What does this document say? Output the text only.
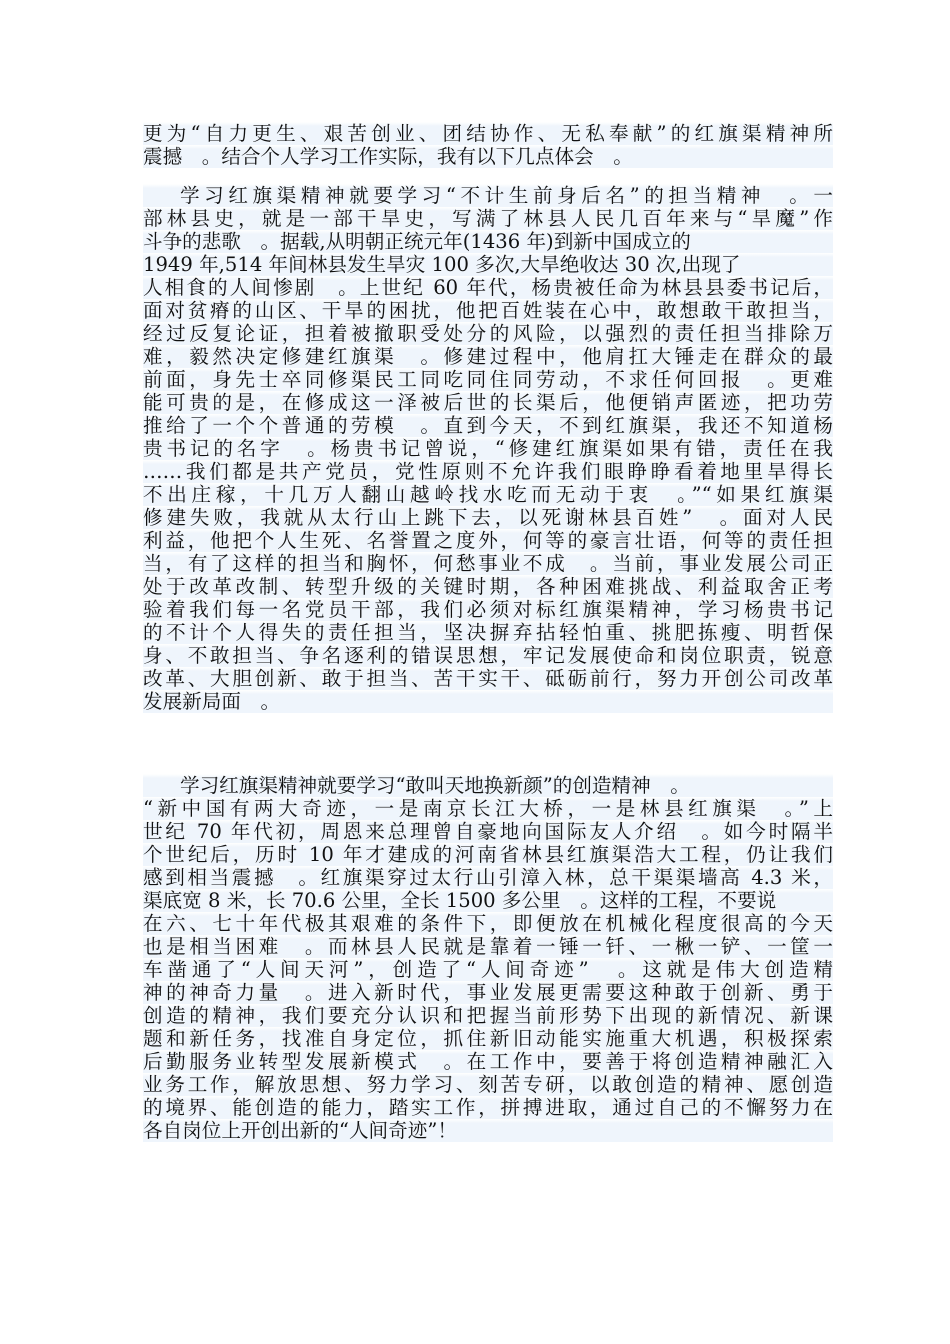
更为“自力更生、艰苦创业、团结协作、无私奉献”的红旗渠精神所
震撼　。结合个人学习工作实际，我有以下几点体会　。
学习红旗渠精神就要学习“不计生前身后名”的担当精神　。一
部林县史，就是一部干旱史，写满了林县人民几百年来与“旱魔”作
斗争的悲歌　。据载,从明朝正统元年(1436 年)到新中国成立的
1949 年,514 年间林县发生旱灾 100 多次,大旱绝收达 30 次,出现了
人相食的人间惨剧　。上世纪 60 年代，杨贵被任命为林县县委书记后，
面对贫瘠的山区、干旱的困扰，他把百姓装在心中，敢想敢干敢担当，
经过反复论证，担着被撤职受处分的风险，以强烈的责任担当排除万
难，毅然决定修建红旗渠　。修建过程中，他肩扛大锤走在群众的最
前面，身先士卒同修渠民工同吃同住同劳动，不求任何回报　。更难
能可贵的是，在修成这一泽被后世的长渠后，他便销声匿迹，把功劳
推给了一个个普通的劳模　。直到今天，不到红旗渠，我还不知道杨
贵书记的名字　。杨贵书记曾说，“修建红旗渠如果有错，责任在我
……我们都是共产党员，党性原则不允许我们眼睁睁看着地里旱得长
不出庄稼，十几万人翻山越岭找水吃而无动于衷　。”“如果红旗渠
修建失败，我就从太行山上跳下去，以死谢林县百姓”　。面对人民
利益，他把个人生死、名誉置之度外，何等的豪言壮语，何等的责任担
当，有了这样的担当和胸怀，何愁事业不成　。当前，事业发展公司正
处于改革改制、转型升级的关键时期，各种困难挑战、利益取舍正考
验着我们每一名党员干部，我们必须对标红旗渠精神，学习杨贵书记
的不计个人得失的责任担当，坚决摒弃拈轻怕重、挑肥拣瘦、明哲保
身、不敢担当、争名逐利的错误思想，牢记发展使命和岗位职责，锐意
改革、大胆创新、敢于担当、苦干实干、砥砺前行，努力开创公司改革
发展新局面　。
学习红旗渠精神就要学习“敢叫天地换新颜”的创造精神　。
“新中国有两大奇迹，一是南京长江大桥，一是林县红旗渠　。”上
世纪 70 年代初，周恩来总理曾自豪地向国际友人介绍　。如今时隔半
个世纪后，历时 10 年才建成的河南省林县红旗渠浩大工程，仍让我们
感到相当震撼　。红旗渠穿过太行山引漳入林，总干渠渠墙高 4.3 米，
渠底宽 8 米，长 70.6 公里，全长 1500 多公里　。这样的工程，不要说
在六、七十年代极其艰难的条件下，即便放在机械化程度很高的今天
也是相当困难　。而林县人民就是靠着一锤一钎、一楸一铲、一筐一
车凿通了“人间天河”，创造了“人间奇迹”　。这就是伟大创造精
神的神奇力量　。进入新时代，事业发展更需要这种敢于创新、勇于
创造的精神，我们要充分认识和把握当前形势下出现的新情况、新课
题和新任务，找准自身定位，抓住新旧动能实施重大机遇，积极探索
后勤服务业转型发展新模式　。在工作中，要善于将创造精神融汇入
业务工作，解放思想、努力学习、刻苦专研，以敢创造的精神、愿创造
的境界、能创造的能力，踏实工作，拼搏进取，通过自己的不懈努力在
各自岗位上开创出新的“人间奇迹”！
